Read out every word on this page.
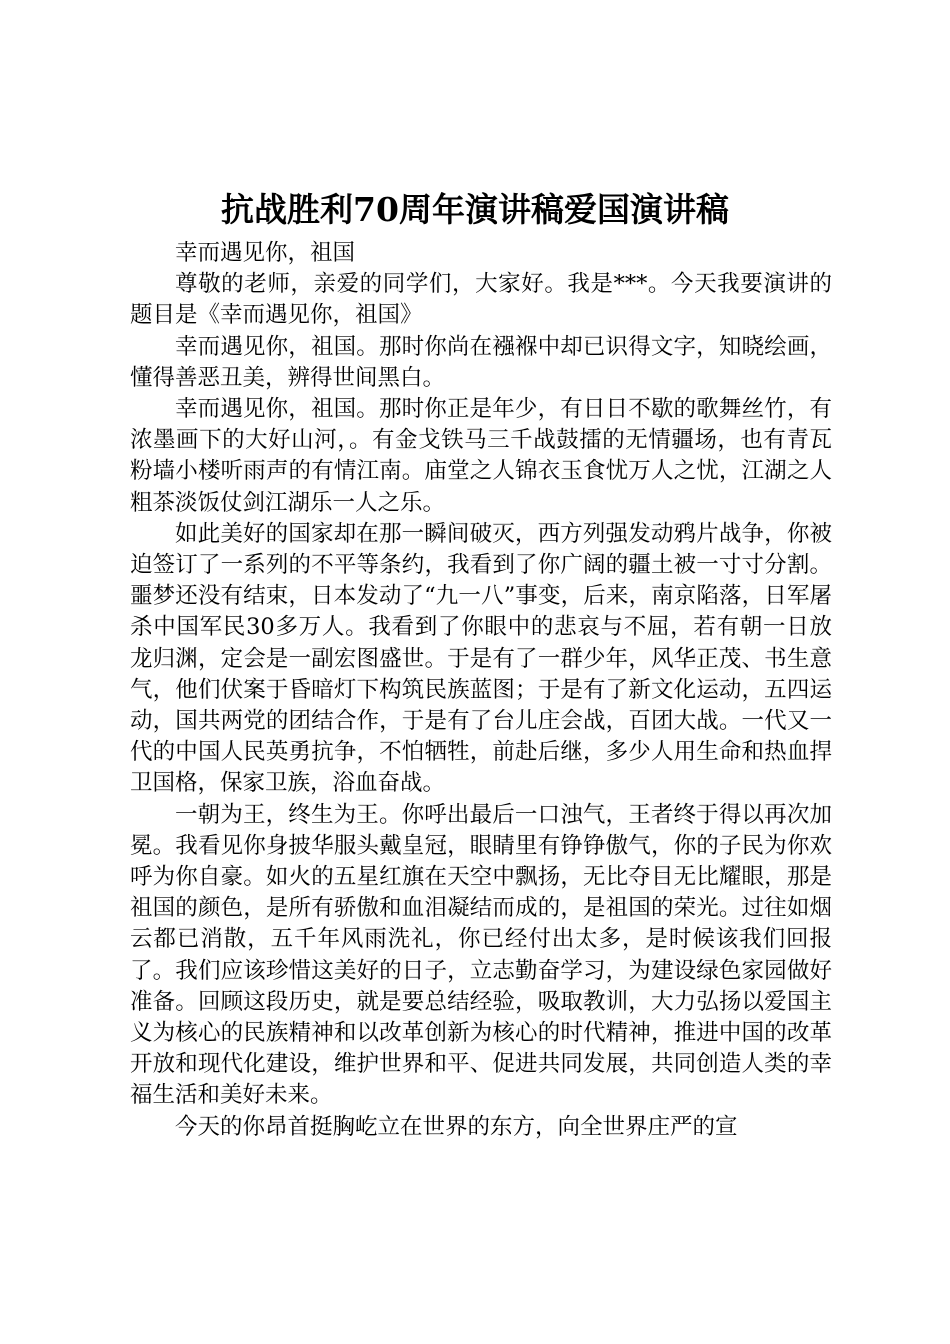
抗战胜利70周年演讲稿爱国演讲稿

幸而遇见你，祖国

尊敬的老师，亲爱的同学们，大家好。我是***。今天我要演讲的题目是《幸而遇见你，祖国》

幸而遇见你，祖国。那时你尚在襁褓中却已识得文字，知晓绘画，懂得善恶丑美，辨得世间黑白。

幸而遇见你，祖国。那时你正是年少，有日日不歇的歌舞丝竹，有浓墨画下的大好山河，。有金戈铁马三千战鼓擂的无情疆场，也有青瓦粉墙小楼听雨声的有情江南。庙堂之人锦衣玉食忧万人之忧，江湖之人粗茶淡饭仗剑江湖乐一人之乐。

如此美好的国家却在那一瞬间破灭，西方列强发动鸦片战争，你被迫签订了一系列的不平等条约，我看到了你广阔的疆土被一寸寸分割。噩梦还没有结束，日本发动了“九一八”事变，后来，南京陷落，日军屠杀中国军民30多万人。我看到了你眼中的悲哀与不屈，若有朝一日放龙归渊，定会是一副宏图盛世。于是有了一群少年，风华正茂、书生意气，他们伏案于昏暗灯下构筑民族蓝图；于是有了新文化运动，五四运动，国共两党的团结合作，于是有了台儿庄会战，百团大战。一代又一代的中国人民英勇抗争，不怕牺牲，前赴后继，多少人用生命和热血捍卫国格，保家卫族，浴血奋战。

一朝为王，终生为王。你呼出最后一口浊气，王者终于得以再次加冕。我看见你身披华服头戴皇冠，眼睛里有铮铮傲气，你的子民为你欢呼为你自豪。如火的五星红旗在天空中飘扬，无比夺目无比耀眼，那是祖国的颜色，是所有骄傲和血泪凝结而成的，是祖国的荣光。过往如烟云都已消散，五千年风雨洗礼，你已经付出太多，是时候该我们回报了。我们应该珍惜这美好的日子，立志勤奋学习，为建设绿色家园做好准备。回顾这段历史，就是要总结经验，吸取教训，大力弘扬以爱国主义为核心的民族精神和以改革创新为核心的时代精神，推进中国的改革开放和现代化建设，维护世界和平、促进共同发展，共同创造人类的幸福生活和美好未来。

今天的你昂首挺胸屹立在世界的东方，向全世界庄严的宣
